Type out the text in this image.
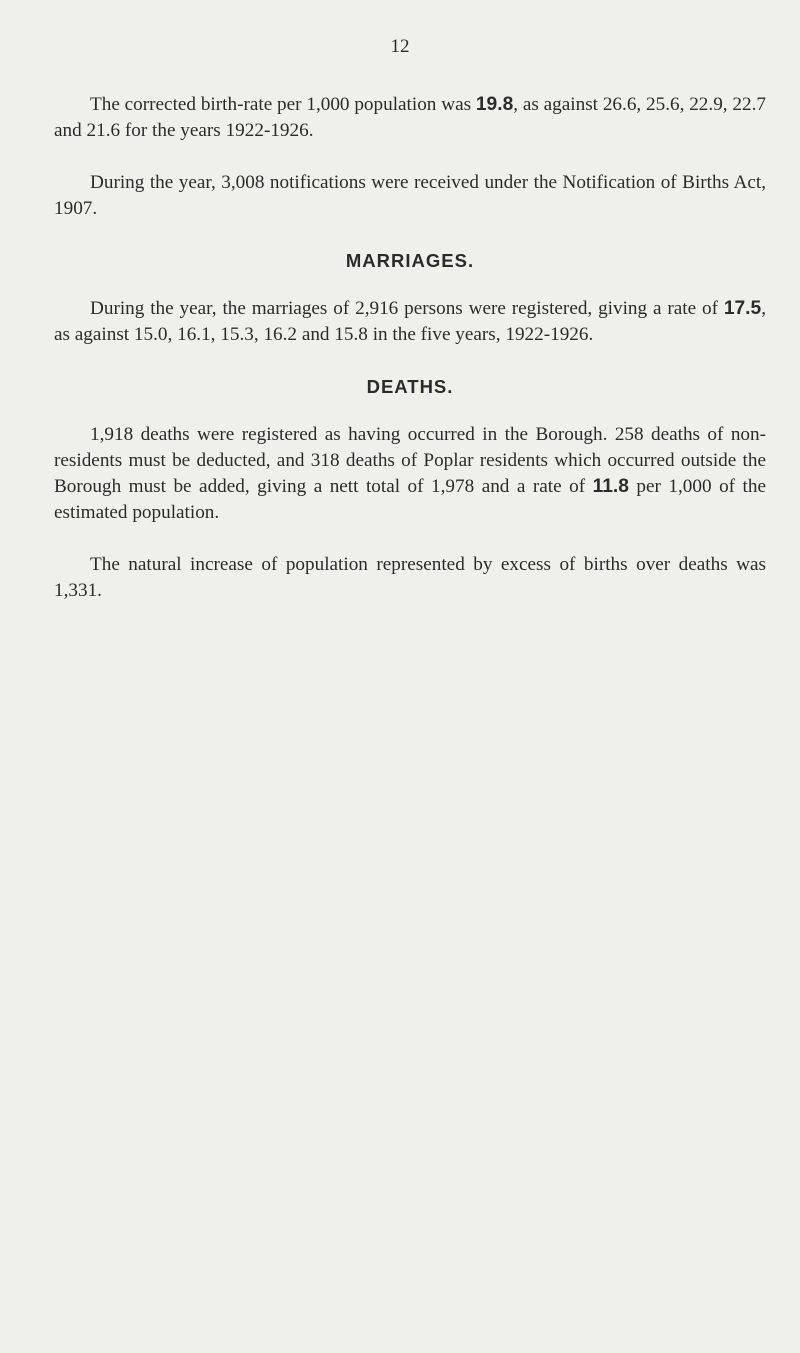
12

The corrected birth-rate per 1,000 population was 19.8, as against 26.6, 25.6, 22.9, 22.7 and 21.6 for the years 1922-1926.

During the year, 3,008 notifications were received under the Notification of Births Act, 1907.

MARRIAGES.

During the year, the marriages of 2,916 persons were registered, giving a rate of 17.5, as against 15.0, 16.1, 15.3, 16.2 and 15.8 in the five years, 1922-1926.

DEATHS.

1,918 deaths were registered as having occurred in the Borough. 258 deaths of non-residents must be deducted, and 318 deaths of Poplar residents which occurred outside the Borough must be added, giving a nett total of 1,978 and a rate of 11.8 per 1,000 of the estimated population.

The natural increase of population represented by excess of births over deaths was 1,331.
